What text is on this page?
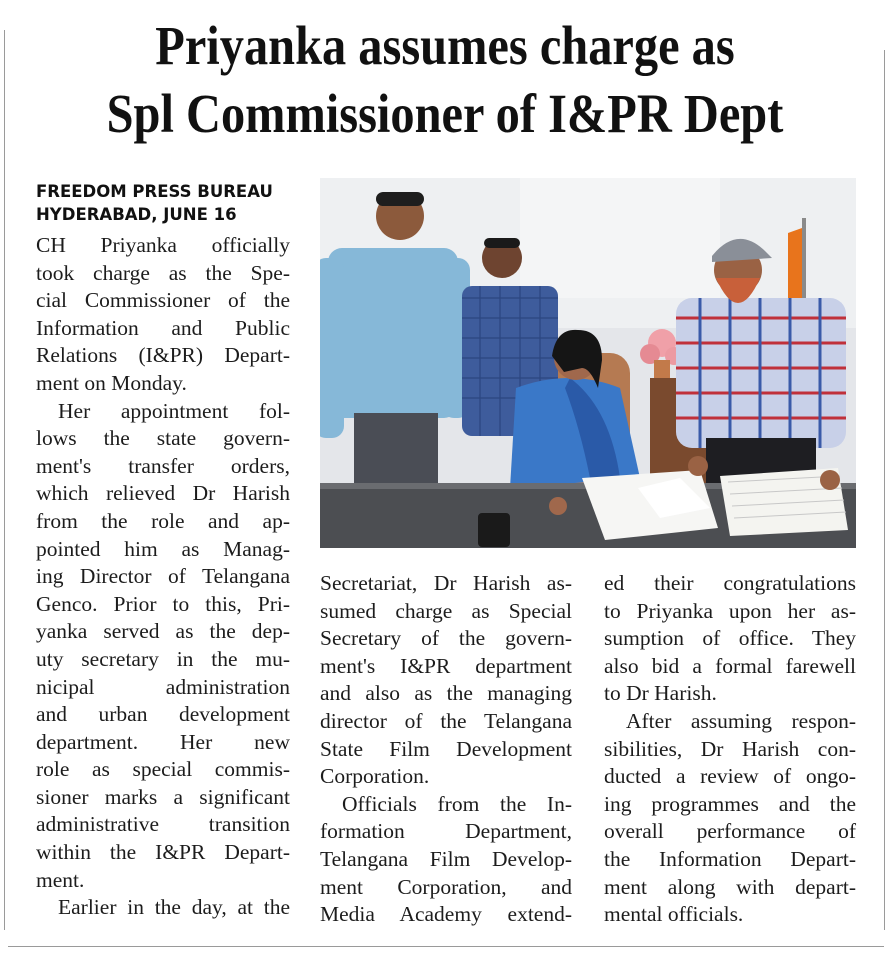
Priyanka assumes charge as
Spl Commissioner of I&PR Dept
FREEDOM PRESS BUREAU
HYDERABAD, JUNE 16
CH Priyanka officially
took charge as the Spe-
cial Commissioner of the
Information and Public
Relations (I&PR) Depart-
ment on Monday.
Her appointment fol-
lows the state govern-
ment's transfer orders,
which relieved Dr Harish
from the role and ap-
pointed him as Manag-
ing Director of Telangana
Genco. Prior to this, Pri-
yanka served as the dep-
uty secretary in the mu-
nicipal administration
and urban development
department. Her new
role as special commis-
sioner marks a significant
administrative transition
within the I&PR Depart-
ment.
Earlier in the day, at the
Secretariat, Dr Harish as-
sumed charge as Special
Secretary of the govern-
ment's I&PR department
and also as the managing
director of the Telangana
State Film Development
Corporation.
Officials from the In-
formation Department,
Telangana Film Develop-
ment Corporation, and
Media Academy extend-
ed their congratulations
to Priyanka upon her as-
sumption of office. They
also bid a formal farewell
to Dr Harish.
After assuming respon-
sibilities, Dr Harish con-
ducted a review of ongo-
ing programmes and the
overall performance of
the Information Depart-
ment along with depart-
mental officials.
